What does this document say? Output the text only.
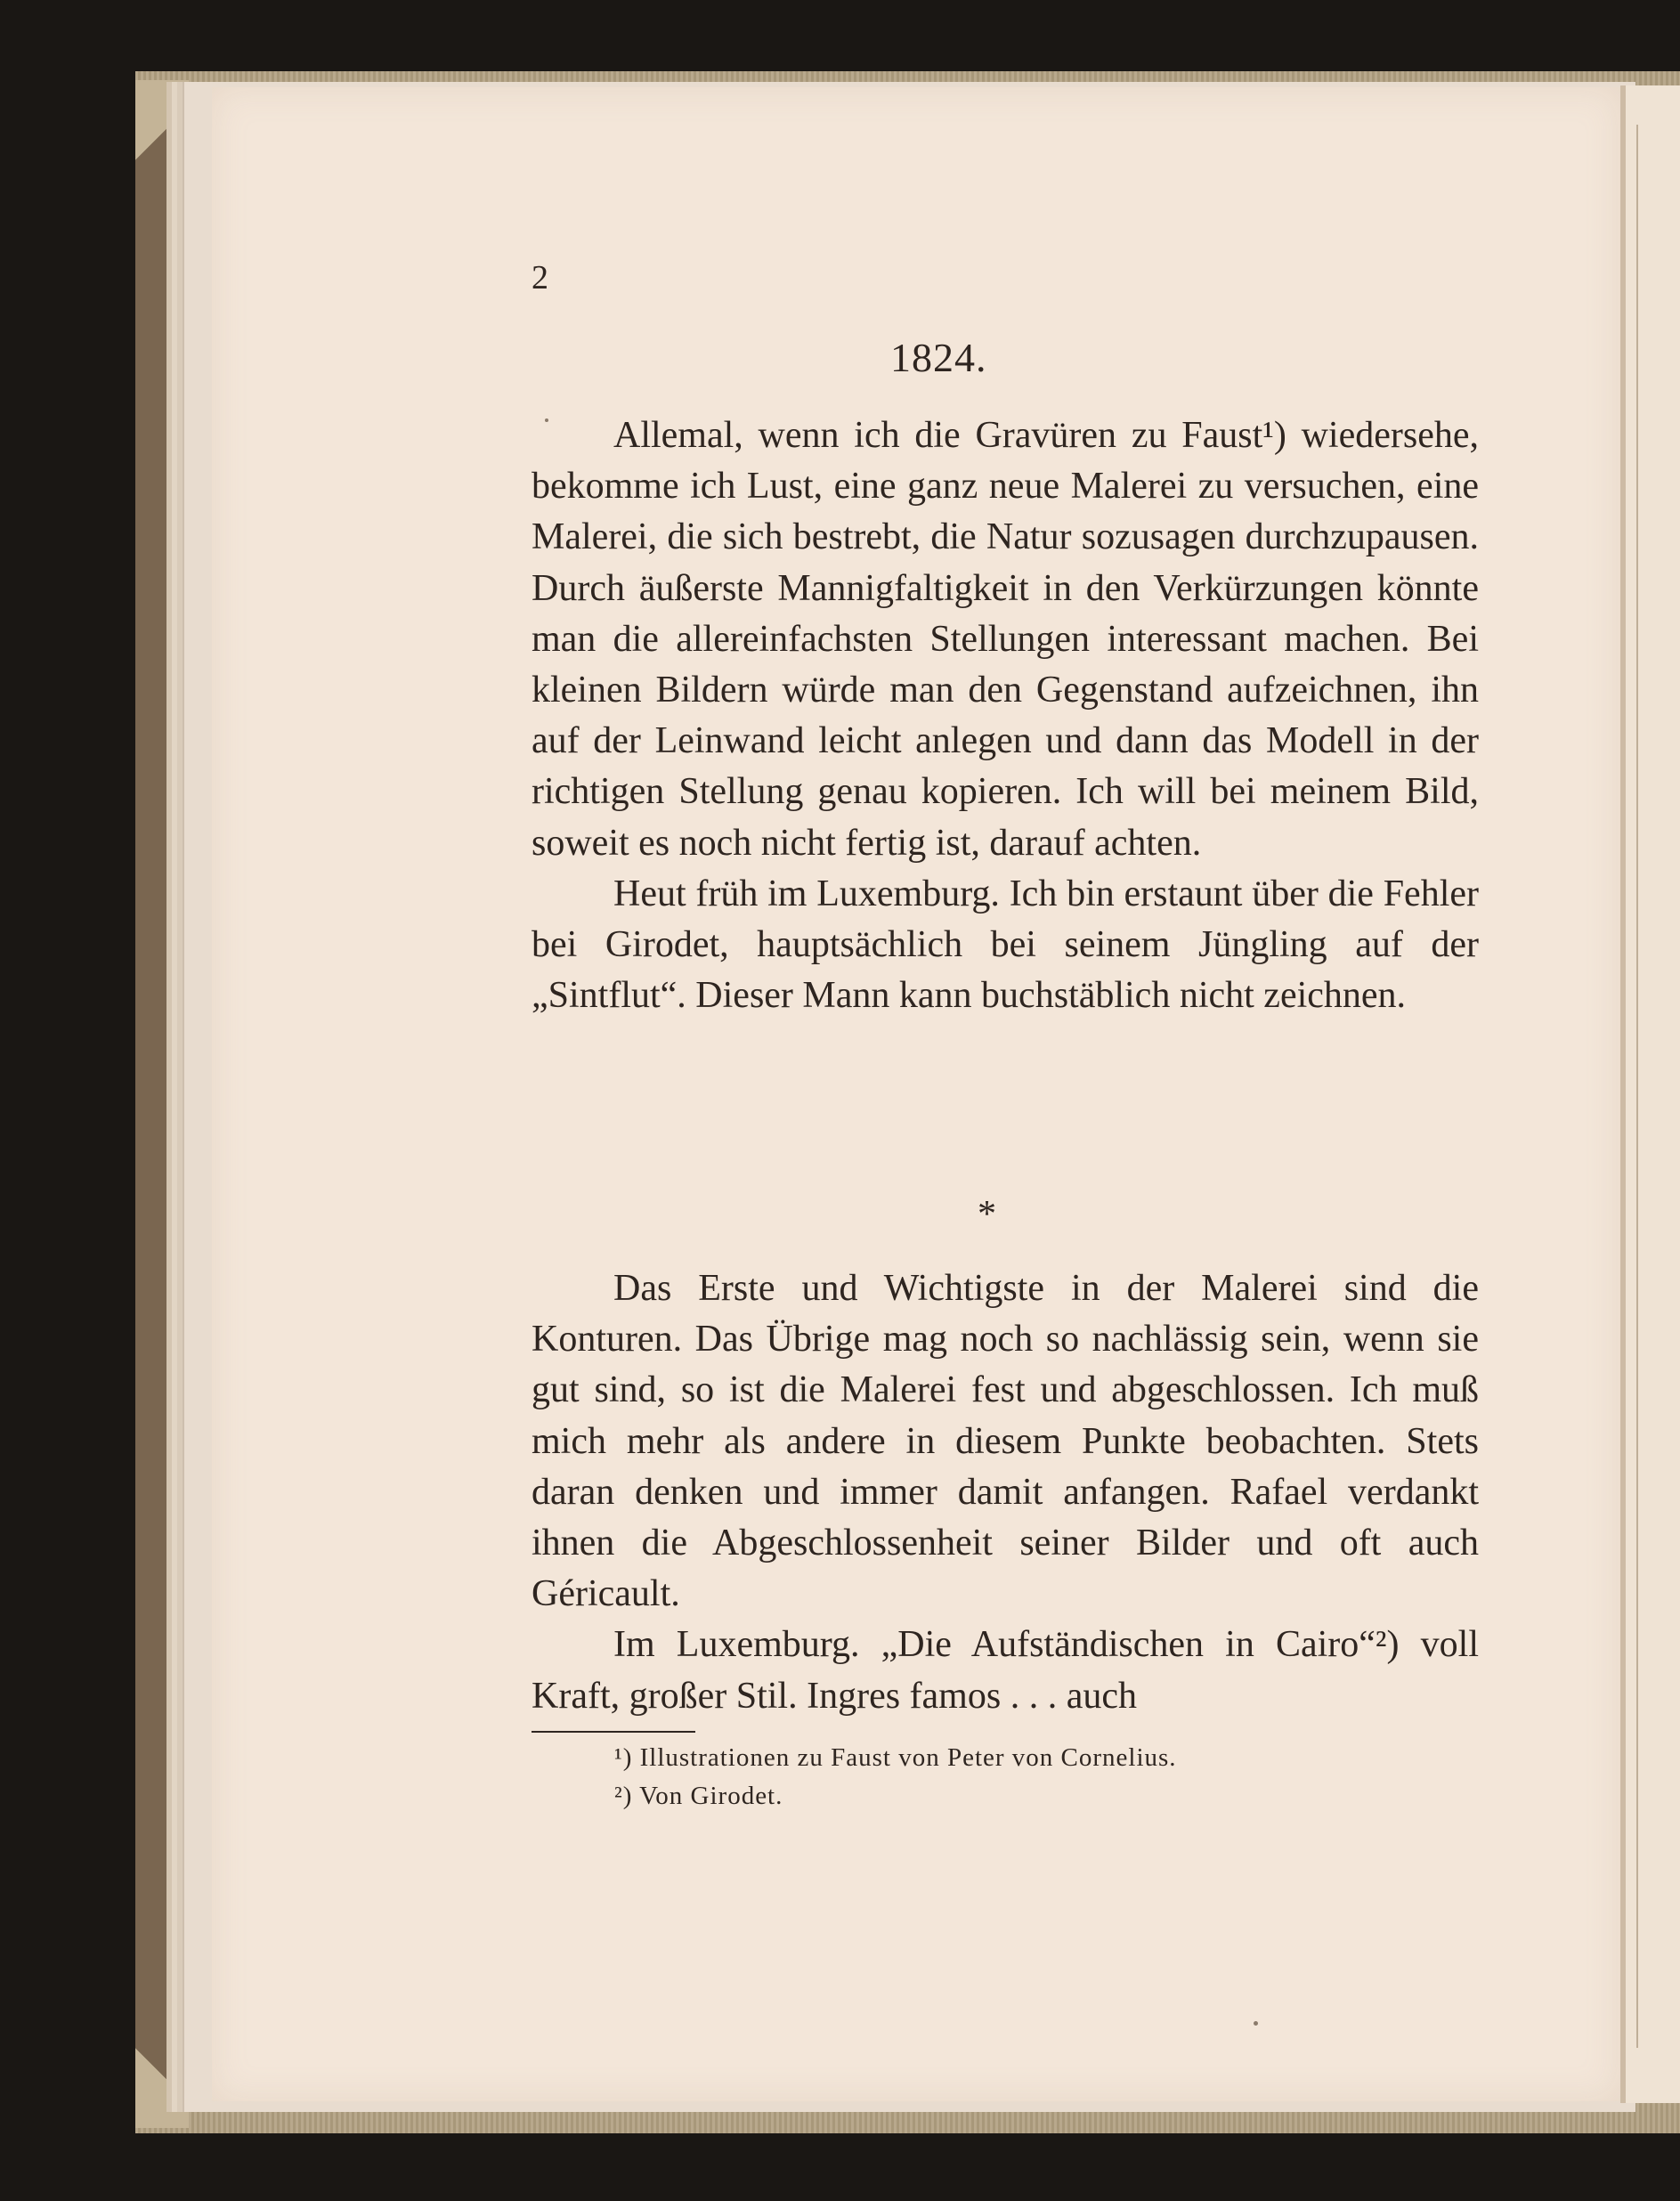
2
1824.

Allemal, wenn ich die Gravüren zu Faust¹) wiedersehe, bekomme ich Lust, eine ganz neue Malerei zu versuchen, eine Malerei, die sich bestrebt, die Natur sozusagen durchzupausen. Durch äußerste Mannigfaltigkeit in den Verkürzungen könnte man die allereinfachsten Stellungen interessant machen. Bei kleinen Bildern würde man den Gegenstand aufzeichnen, ihn auf der Leinwand leicht anlegen und dann das Modell in der richtigen Stellung genau kopieren. Ich will bei meinem Bild, soweit es noch nicht fertig ist, darauf achten.

Heut früh im Luxemburg. Ich bin erstaunt über die Fehler bei Girodet, hauptsächlich bei seinem Jüngling auf der „Sintflut“. Dieser Mann kann buchstäblich nicht zeichnen.

*

Das Erste und Wichtigste in der Malerei sind die Konturen. Das Übrige mag noch so nachlässig sein, wenn sie gut sind, so ist die Malerei fest und abgeschlossen. Ich muß mich mehr als andere in diesem Punkte beobachten. Stets daran denken und immer damit anfangen. Rafael verdankt ihnen die Abgeschlossenheit seiner Bilder und oft auch Géricault.

Im Luxemburg. „Die Aufständischen in Cairo“²) voll Kraft, großer Stil. Ingres famos . . . auch

¹) Illustrationen zu Faust von Peter von Cornelius.
²) Von Girodet.
